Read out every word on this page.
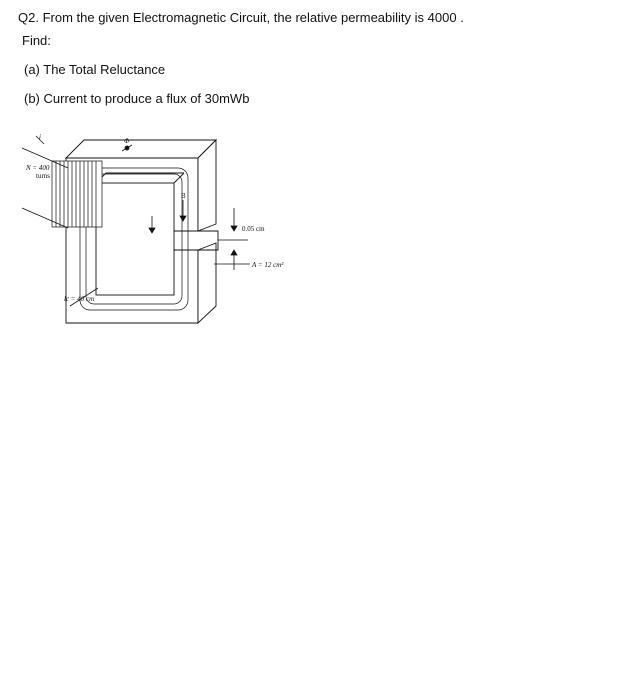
Q2. From the given Electromagnetic Circuit, the relative permeability is 4000 .
Find:
(a) The Total Reluctance
(b) Current to produce a flux of 30mWb
i
N = 400
turns
Φ
B
0.05 cm
A = 12 cm²
lc = 40 cm
